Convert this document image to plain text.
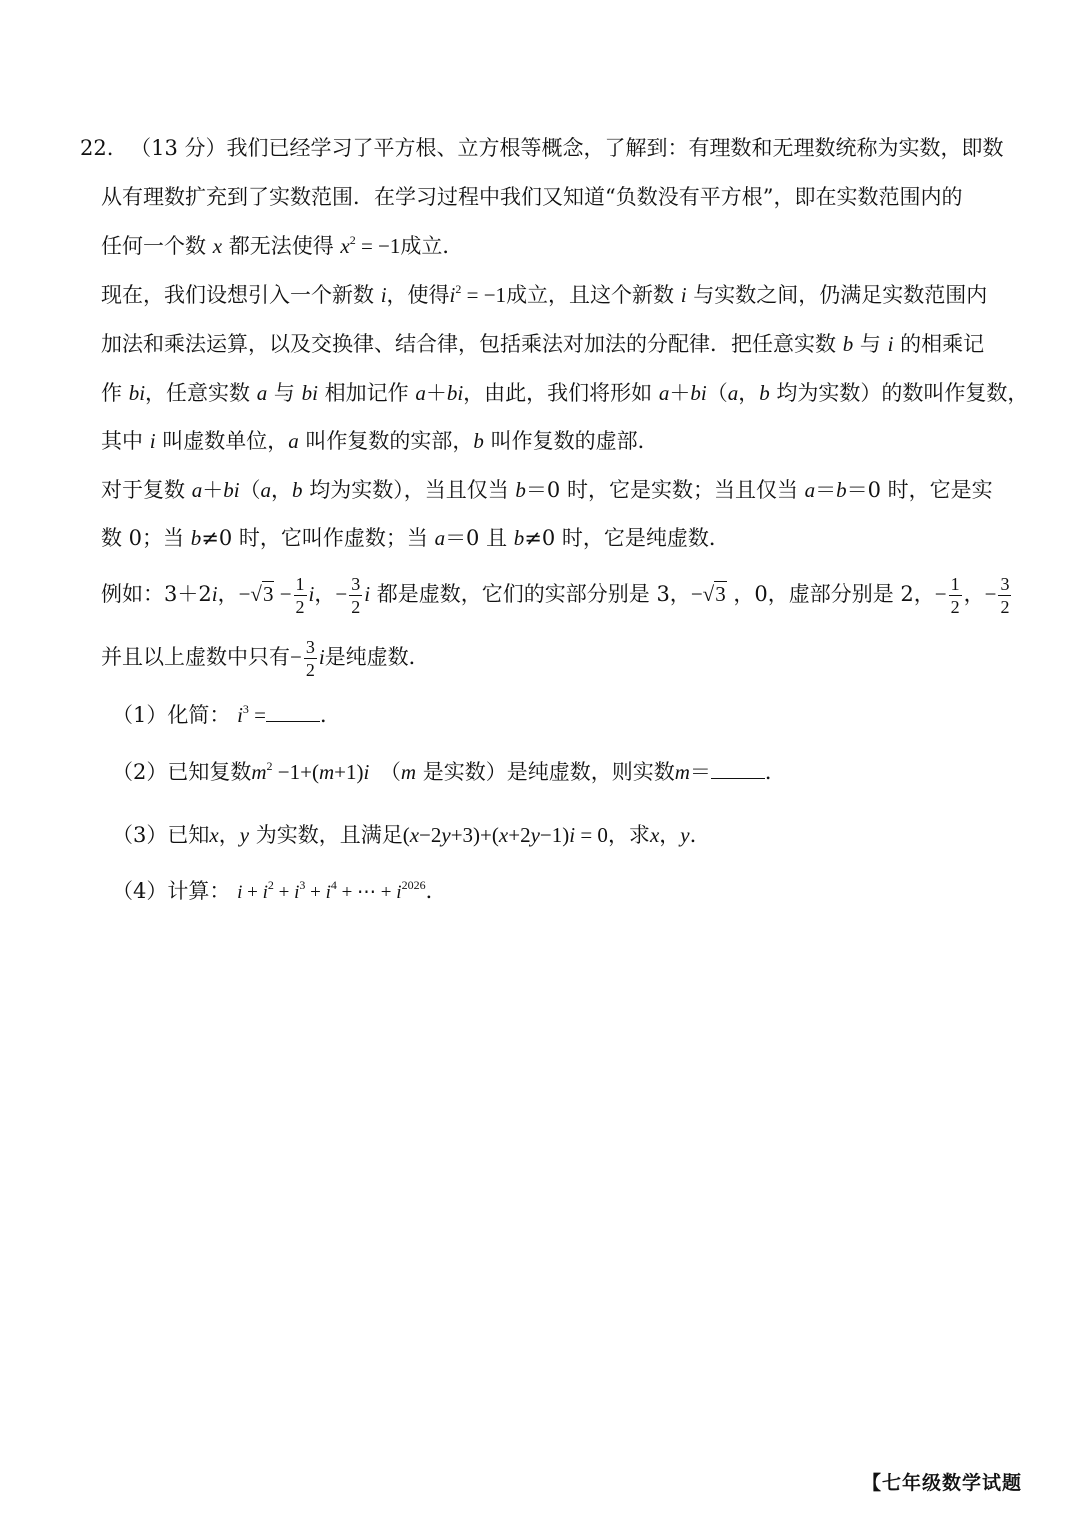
22. （13 分）我们已经学习了平方根、立方根等概念，了解到：有理数和无理数统称为实数，即数
从有理数扩充到了实数范围．在学习过程中我们又知道“负数没有平方根”，即在实数范围内的
任何一个数 x 都无法使得 $x^2 = -1$成立．
现在，我们设想引入一个新数 i，使得$i^2 = -1$成立，且这个新数 i 与实数之间，仍满足实数范围内
加法和乘法运算，以及交换律、结合律，包括乘法对加法的分配律．把任意实数 b 与 i 的相乘记
作 bi，任意实数 a 与 bi 相加记作 a＋bi，由此，我们将形如 a＋bi（a，b 均为实数）的数叫作复数，
其中 i 叫虚数单位，a 叫作复数的实部，b 叫作复数的虚部．
对于复数 a＋bi（a，b 均为实数），当且仅当 b＝0 时，它是实数；当且仅当 a＝b＝0 时，它是实
数 0；当 b≠0 时，它叫作虚数；当 a＝0 且 b≠0 时，它是纯虚数．
例如：3＋2i，$-√3 - \frac{1}{2}$ i，− $\frac{3}{2}$ i 都是虚数，它们的实部分别是 3，−√3 ，0，虚部分别是 2，− $\frac{1}{2}$ ，− $\frac{3}{2}$
并且以上虚数中只有− $\frac{3}{2}$ i是纯虚数．
（1）化简： $i^3$ =	．
（2）已知复数$m^2 -1+(m+1)i$　（m 是实数）是纯虚数，则实数m＝	．
（3）已知x，y 为实数，且满足(x−2y+3)+(x+2y−1)i = 0，求x，y.
（4）计算： $i + i^2 + i^3 + i^4$ + ⋯ + $i^{2026}$．
【七年级数学试题
